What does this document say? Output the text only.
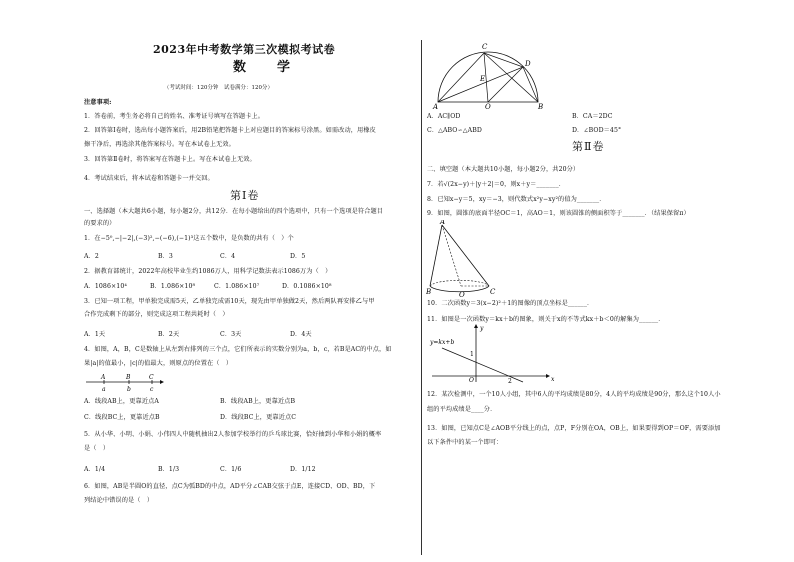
2023年中考数学第三次模拟考试卷
数　学
（考试时间：120分钟　试卷满分：120分）
注意事项:
1．答卷前，考生务必将自己的姓名、准考证号填写在答题卡上。
2．回答第Ⅰ卷时，选出每小题答案后，用2B铅笔把答题卡上对应题目的答案标号涂黑。如需改动，用橡皮
擦干净后，再选涂其他答案标号。写在本试卷上无效。
3．回答第Ⅱ卷时，将答案写在答题卡上。写在本试卷上无效。
4．考试结束后，将本试卷和答题卡一并交回。
第Ⅰ卷
一、选择题（本大题共6小题，每小题2分，共12分．在每小题给出的四个选项中，只有一个选项是符合题目
的要求的）
1．在−5⁰,−|−2|,(−3)²,−(−6),(−1)³这五个数中，是负数的共有（　）个
A．2	B．3	C．4	D．5
2．据教育部统计，2022年高校毕业生约1086万人，用科学记数法表示1086万为（　）
A．1086×10⁴	B．1.086×10⁸	C．1.086×10⁷	D．0.1086×10⁸
3．已知一项工程，甲单独完成需5天，乙单独完成需10天，现先由甲单独做2天，然后两队再安排乙与甲
合作完成剩下的部分，则完成这项工程共耗时（　）
A．1天	B．2天	C．3天	D．4天
4．如图，A，B，C是数轴上从左到右排列的三个点，它们所表示的实数分别为a，b，c，若B是AC的中点，如
果|a|的值最小，|c|的值最大，则原点的位置在（　）
A	B	C
a	b	c
A．线段AB上，更靠近点A	B．线段AB上，更靠近点B
C．线段BC上，更靠近点B	D．线段BC上，更靠近点C
5．从小华、小明、小娟、小伟四人中随机抽出2人参加学校举行的乒乓球比赛，恰好抽到小华和小娟的概率
是（　）
A．1/4	B．1/3	C．1/6	D．1/12
6．如图，AB是半圆O的直径，点C为弧BD的中点，AD平分∠CAB交弦于点E，连接CD、OD、BD，下
列结论中错误的是（　）
C
D
E
A	O	B
A．AC∥OD	B．CA＝2DC
C．△ABO∽△ABD	D．∠BOD＝45°
第Ⅱ卷
二、填空题（本大题共10小题，每小题2分，共20分）
7．若√(2x−y)＋|y＋2|＝0，则x＋y＝_______．
8．已知x−y＝5，xy＝−3，则代数式x²y−xy²的值为_______．
9．如图，圆锥的底面半径OC＝1，高AO＝1，则该圆锥的侧面积等于_______．（结果保留π）
A
B	O	C
10．二次函数y＝3(x−2)²＋1的图像的顶点坐标是______．
11．如图是一次函数y＝kx＋b的图象，则关于x的不等式kx＋b＜0的解集为______．
y
y=kx+b
1
O	2	x
12．某次检测中，一个10人小组，其中6人的平均成绩是80分，4人的平均成绩是90分，那么这个10人小
组的平均成绩是____分．
13．如图，已知点C是∠AOB平分线上的点，点P，F分别在OA，OB上，如果要得到OP＝OF，需要添加
以下条件中的某一个即可：
